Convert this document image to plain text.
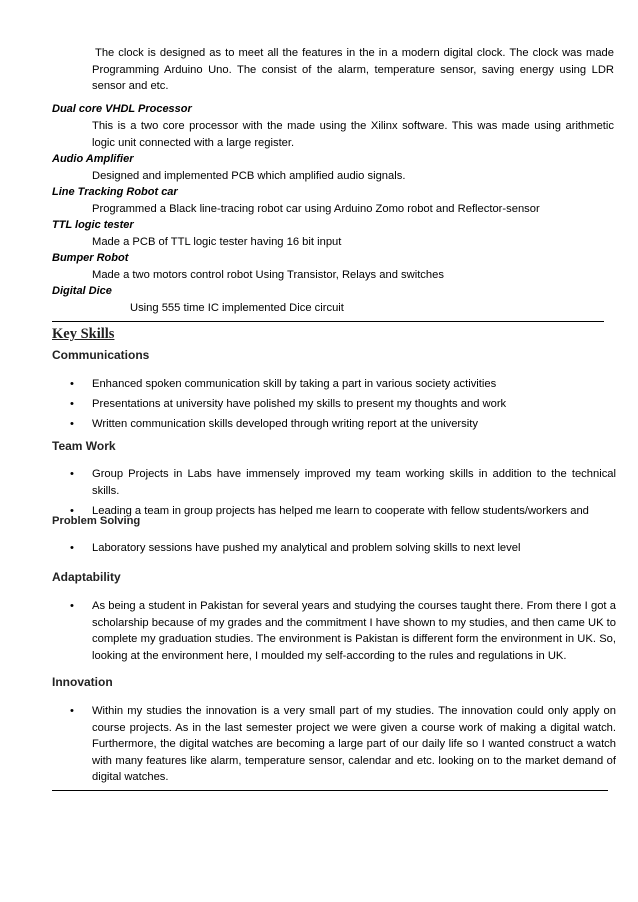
The clock is designed as to meet all the features in the in a modern digital clock. The clock was made Programming Arduino Uno. The consist of the alarm, temperature sensor, saving energy using LDR sensor and etc.
Dual core VHDL Processor
This is a two core processor with the made using the Xilinx software. This was made using arithmetic logic unit connected with a large register.
Audio Amplifier
Designed and implemented PCB which amplified audio signals.
Line Tracking Robot car
Programmed a Black line-tracing robot car using Arduino Zomo robot and Reflector-sensor
TTL logic tester
Made a PCB of TTL logic tester having 16 bit input
Bumper Robot
Made a two motors control robot Using Transistor, Relays and switches
Digital Dice
Using 555 time IC implemented Dice circuit
Key Skills
Communications
• Enhanced spoken communication skill by taking a part in various society activities
• Presentations at university have polished my skills to present my thoughts and work
• Written communication skills developed through writing report at the university
Team Work
• Group Projects in Labs have immensely improved my team working skills in addition to the technical skills.
• Leading a team in group projects has helped me learn to cooperate with fellow students/workers and
Problem Solving
• Laboratory sessions have pushed my analytical and problem solving skills to next level
Adaptability
• As being a student in Pakistan for several years and studying the courses taught there. From there I got a scholarship because of my grades and the commitment I have shown to my studies, and then came UK to complete my graduation studies. The environment is Pakistan is different form the environment in UK. So, looking at the environment here, I moulded my self-according to the rules and regulations in UK.
Innovation
• Within my studies the innovation is a very small part of my studies. The innovation could only apply on course projects. As in the last semester project we were given a course work of making a digital watch. Furthermore, the digital watches are becoming a large part of our daily life so I wanted construct a watch with many features like alarm, temperature sensor, calendar and etc. looking on to the market demand of digital watches.
